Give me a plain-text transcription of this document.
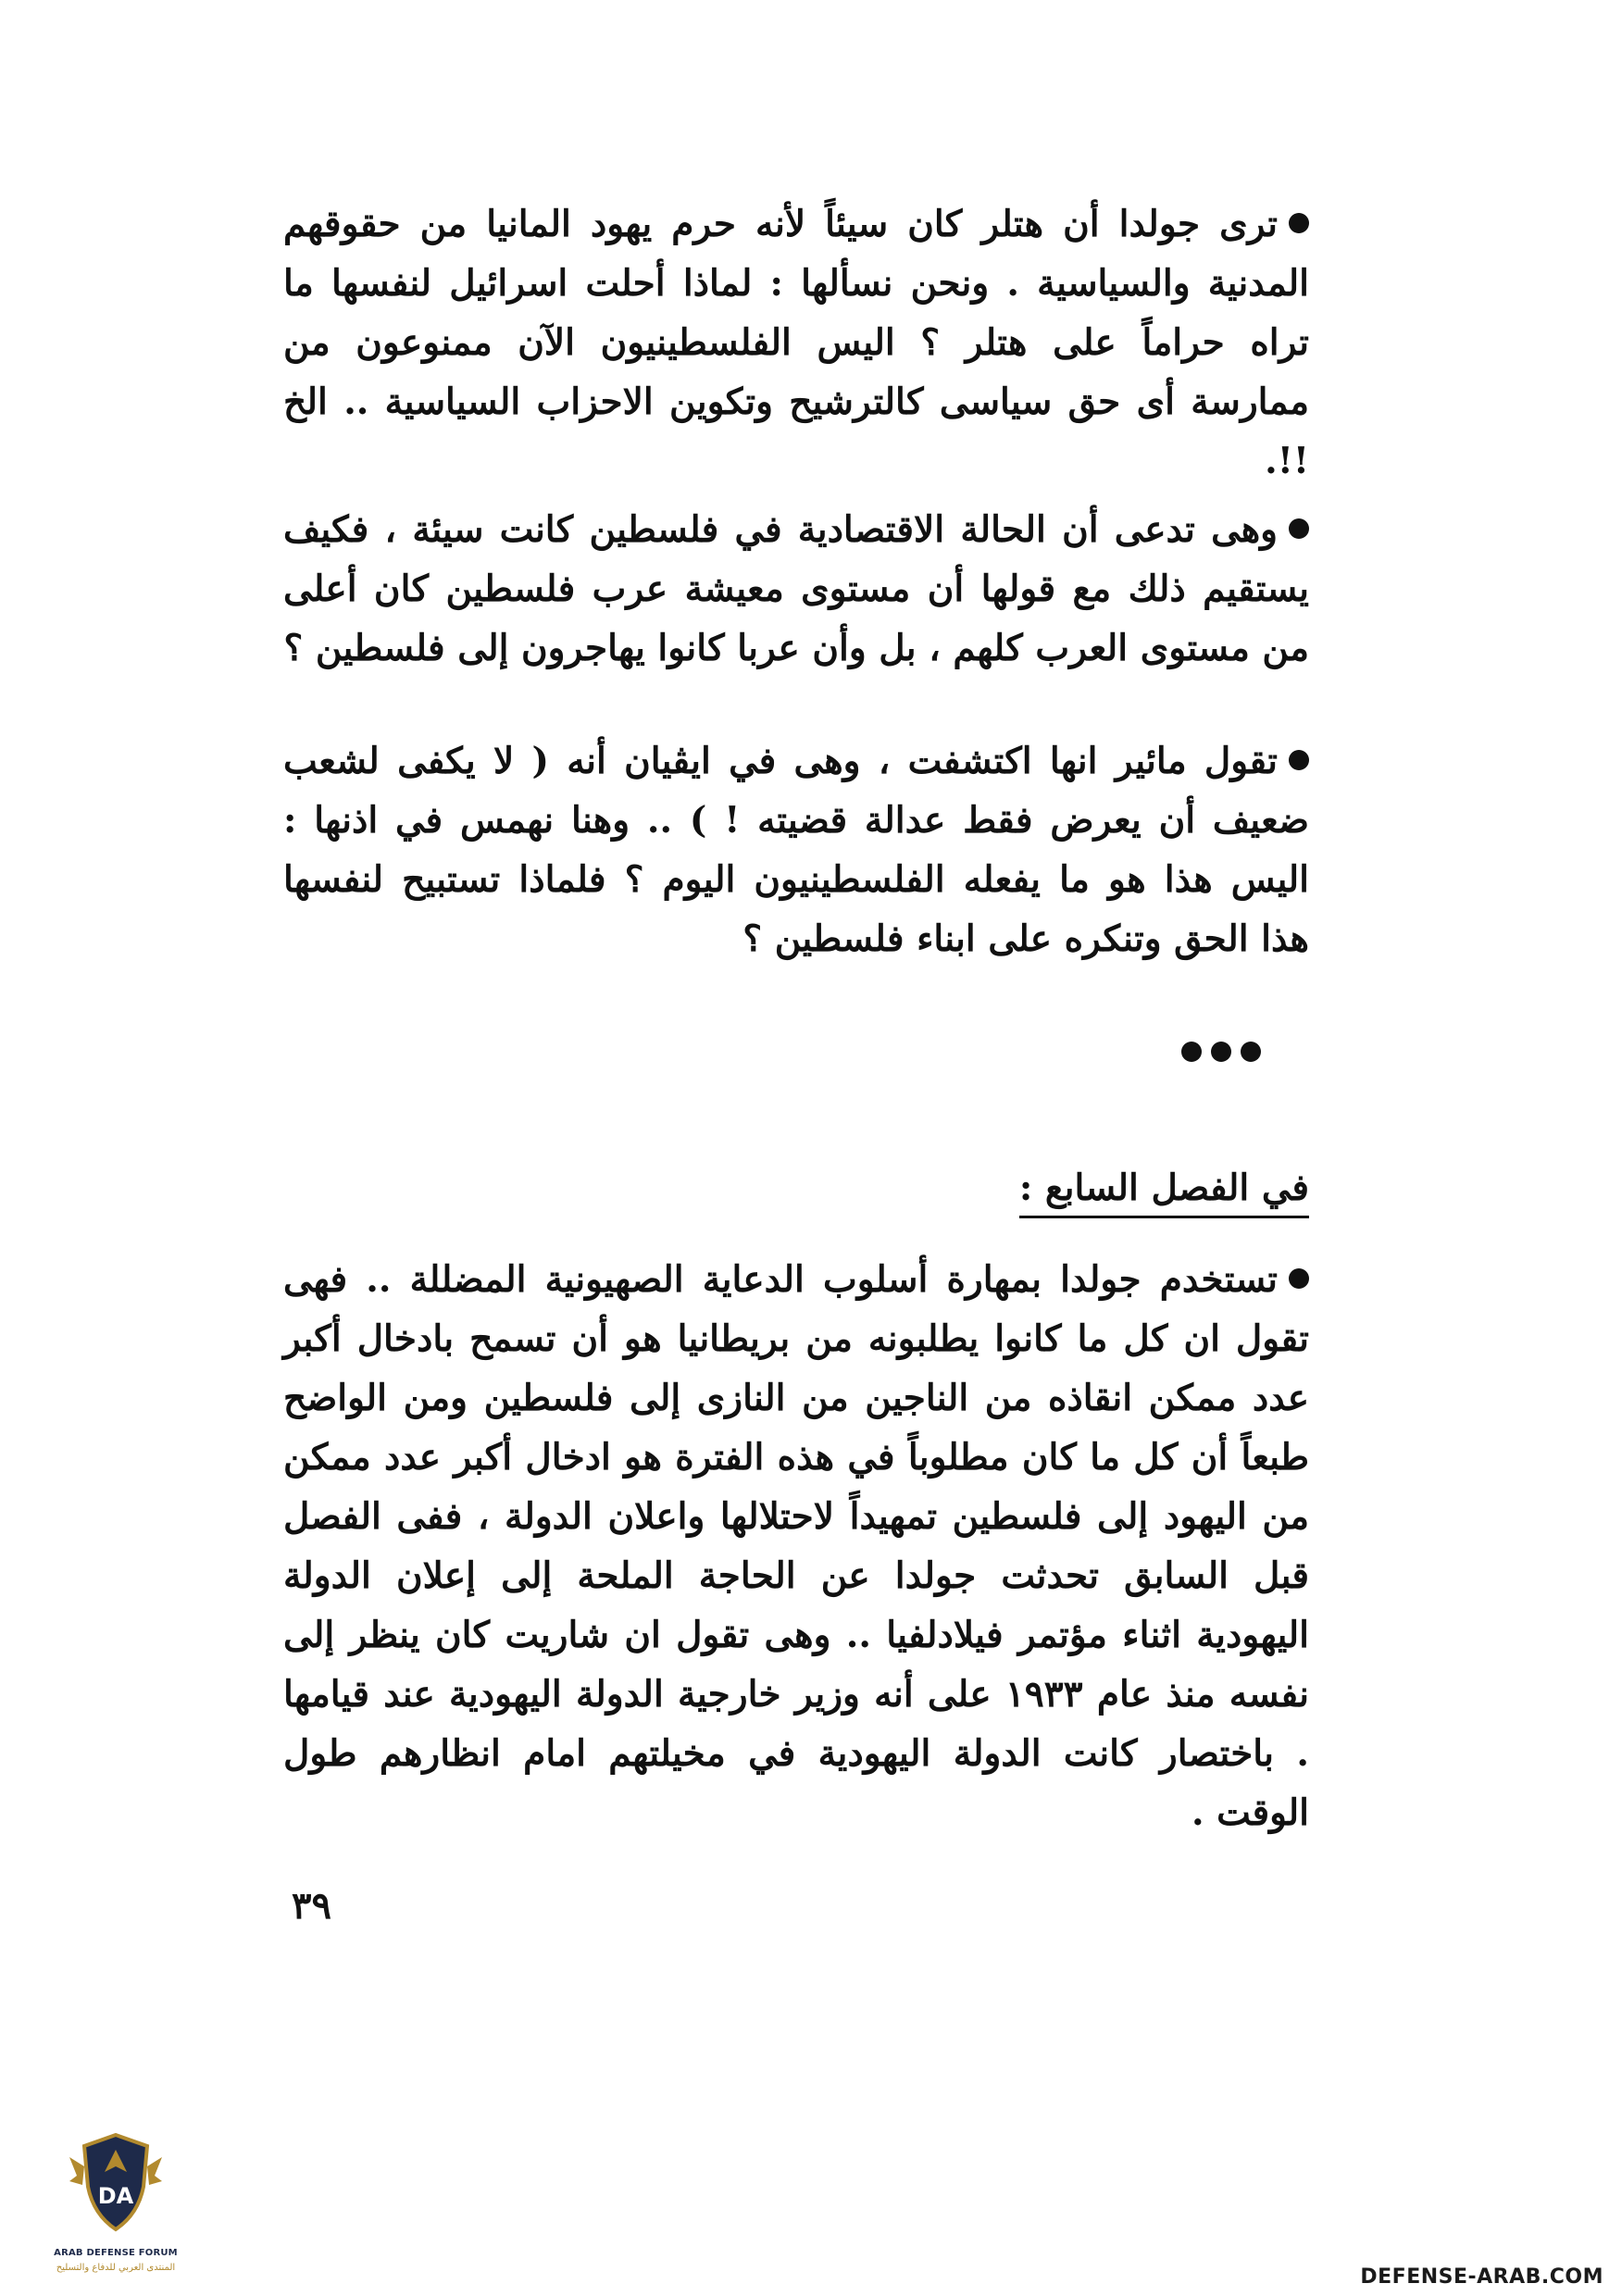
ترى جولدا أن هتلر كان سيئاً لأنه حرم يهود المانيا من حقوقهم المدنية والسياسية . ونحن نسألها : لماذا أحلت اسرائيل لنفسها ما تراه حراماً على هتلر ؟ اليس الفلسطينيون الآن ممنوعون من ممارسة أى حق سياسى كالترشيح وتكوين الاحزاب السياسية .. الخ !!.

وهى تدعى أن الحالة الاقتصادية في فلسطين كانت سيئة ، فكيف يستقيم ذلك مع قولها أن مستوى معيشة عرب فلسطين كان أعلى من مستوى العرب كلهم ، بل وأن عربا كانوا يهاجرون إلى فلسطين ؟

تقول مائير انها اكتشفت ، وهى في ايڤيان أنه ( لا يكفى لشعب ضعيف أن يعرض فقط عدالة قضيته ! ) .. وهنا نهمس في اذنها : اليس هذا هو ما يفعله الفلسطينيون اليوم ؟ فلماذا تستبيح لنفسها هذا الحق وتنكره على ابناء فلسطين ؟

في الفصل السابع :

تستخدم جولدا بمهارة أسلوب الدعاية الصهيونية المضللة .. فهى تقول ان كل ما كانوا يطلبونه من بريطانيا هو أن تسمح بادخال أكبر عدد ممكن انقاذه من الناجين من النازى إلى فلسطين ومن الواضح طبعاً أن كل ما كان مطلوباً في هذه الفترة هو ادخال أكبر عدد ممكن من اليهود إلى فلسطين تمهيداً لاحتلالها واعلان الدولة ، ففى الفصل قبل السابق تحدثت جولدا عن الحاجة الملحة إلى إعلان الدولة اليهودية اثناء مؤتمر فيلادلفيا .. وهى تقول ان شاريت كان ينظر إلى نفسه منذ عام ١٩٣٣ على أنه وزير خارجية الدولة اليهودية عند قيامها . باختصار كانت الدولة اليهودية في مخيلتهم امام انظارهم طول الوقت .

٣٩
DA
ARAB DEFENSE FORUM
المنتدى العربي للدفاع والتسليح	DEFENSE-ARAB.COM
